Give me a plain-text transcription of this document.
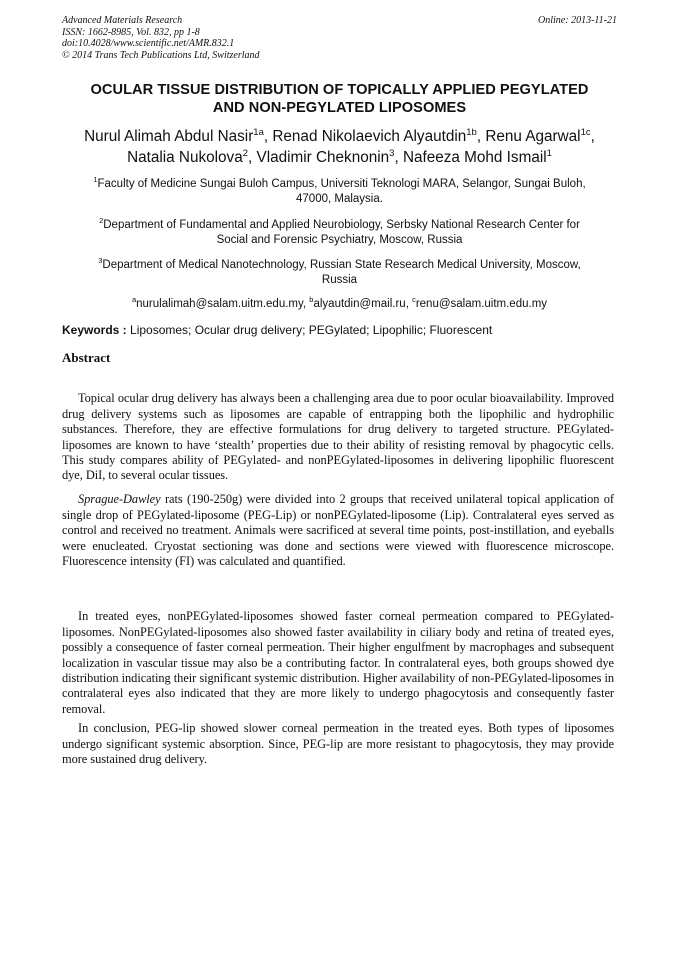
Advanced Materials Research
ISSN: 1662-8985, Vol. 832, pp 1-8
doi:10.4028/www.scientific.net/AMR.832.1
© 2014 Trans Tech Publications Ltd, Switzerland
Online: 2013-11-21
OCULAR TISSUE DISTRIBUTION OF TOPICALLY APPLIED PEGYLATED
AND NON-PEGYLATED LIPOSOMES
Nurul Alimah Abdul Nasir$^{1a}$, Renad Nikolaevich Alyautdin$^{1b}$, Renu Agarwal$^{1c}$,
Natalia Nukolova$^2$, Vladimir Cheknonin$^3$, Nafeeza Mohd Ismail$^1$
$^1$Faculty of Medicine Sungai Buloh Campus, Universiti Teknologi MARA, Selangor, Sungai Buloh,
47000, Malaysia.
$^2$Department of Fundamental and Applied Neurobiology, Serbsky National Research Center for
Social and Forensic Psychiatry, Moscow, Russia
$^3$Department of Medical Nanotechnology, Russian State Research Medical University, Moscow,
Russia
$^a$nurulalimah@salam.uitm.edu.my, $^b$alyautdin@mail.ru, $^c$renu@salam.uitm.edu.my
Keywords : Liposomes; Ocular drug delivery; PEGylated; Lipophilic; Fluorescent
Abstract

Topical ocular drug delivery has always been a challenging area due to poor ocular bioavailability. Improved drug delivery systems such as liposomes are capable of entrapping both the lipophilic and hydrophilic substances. Therefore, they are effective formulations for drug delivery to targeted structure. PEGylated-liposomes are known to have ‘stealth’ properties due to their ability of resisting removal by phagocytic cells. This study compares ability of PEGylated- and nonPEGylated-liposomes in delivering lipophilic fluorescent dye, DiI, to several ocular tissues.

Sprague-Dawley rats (190-250g) were divided into 2 groups that received unilateral topical application of single drop of PEGylated-liposome (PEG-Lip) or nonPEGylated-liposome (Lip). Contralateral eyes served as control and received no treatment. Animals were sacrificed at several time points, post-instillation, and eyeballs were enucleated. Cryostat sectioning was done and sections were viewed with fluorescence microscope. Fluorescence intensity (FI) was calculated and quantified.

In treated eyes, nonPEGylated-liposomes showed faster corneal permeation compared to PEGylated-liposomes. NonPEGylated-liposomes also showed faster availability in ciliary body and retina of treated eyes, possibly a consequence of faster corneal permeation. Their higher engulfment by macrophages and subsequent localization in vascular tissue may also be a contributing factor. In contralateral eyes, both groups showed dye distribution indicating their significant systemic distribution. Higher availability of non-PEGylated-liposomes in contralateral eyes also indicated that they are more likely to undergo phagocytosis and consequently faster removal.

In conclusion, PEG-lip showed slower corneal permeation in the treated eyes. Both types of liposomes undergo significant systemic absorption. Since, PEG-lip are more resistant to phagocytosis, they may provide more sustained drug delivery.
